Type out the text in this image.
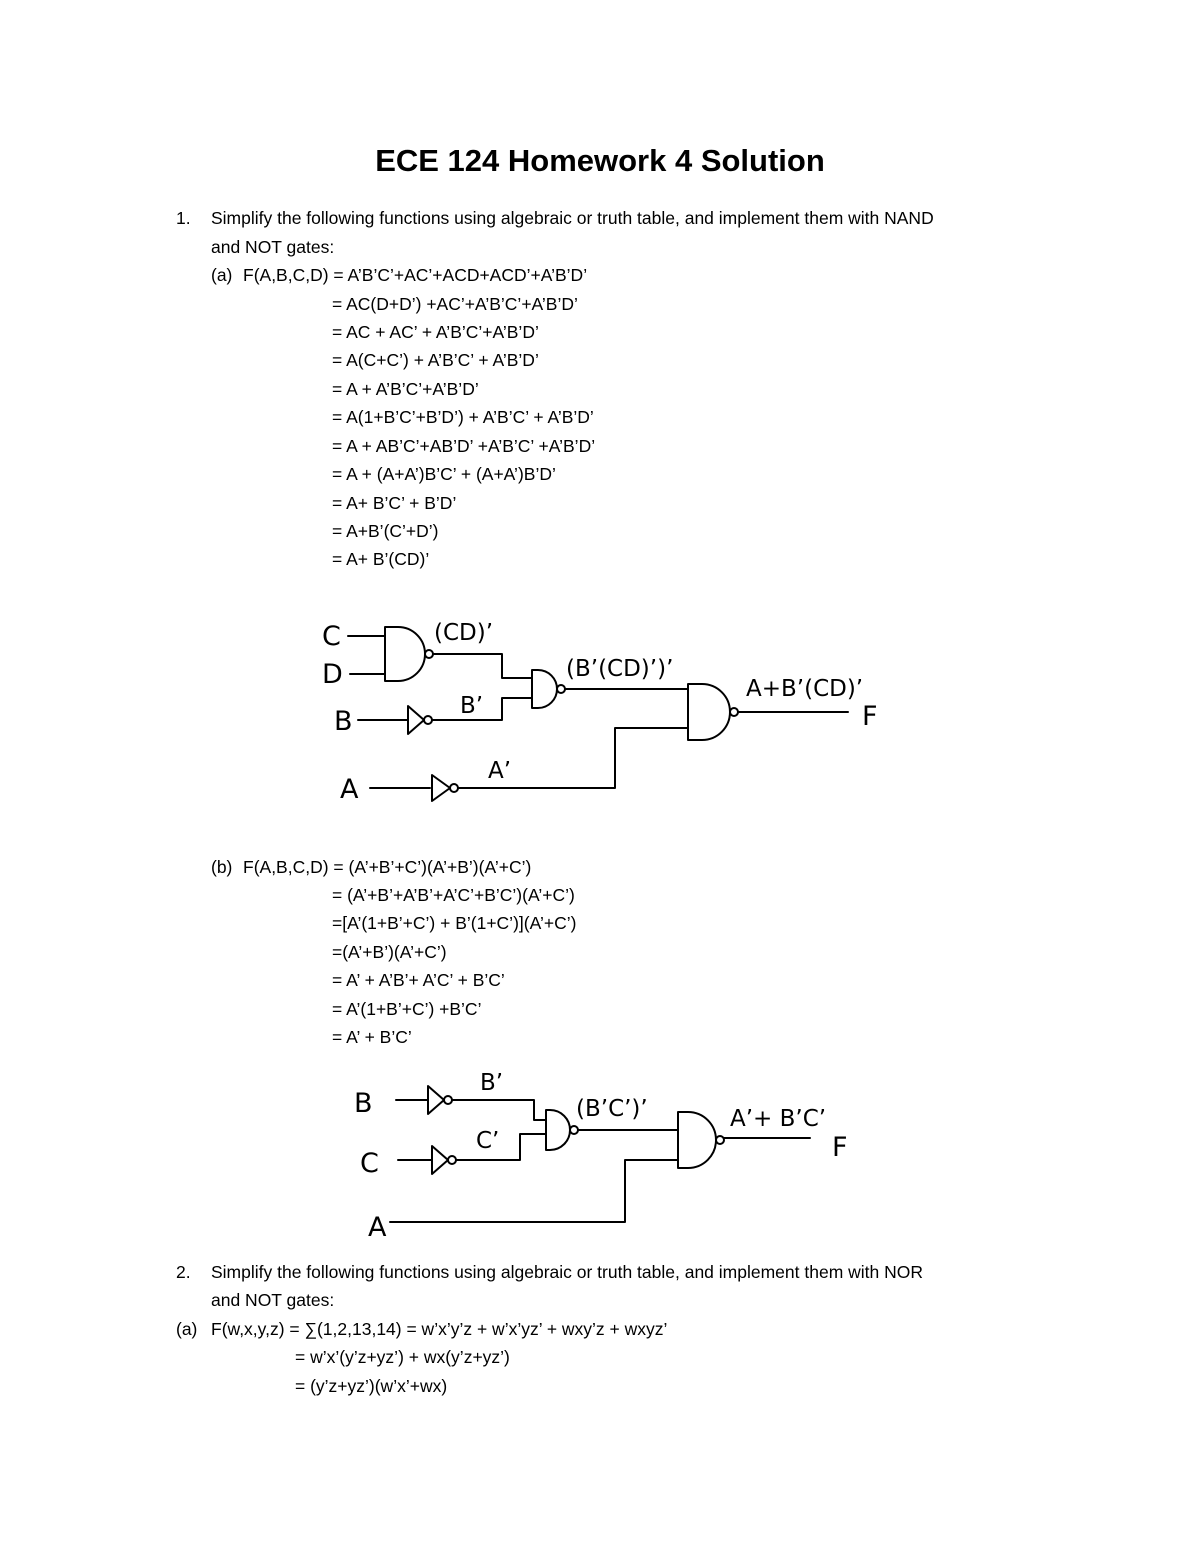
ECE 124 Homework 4 Solution
1. Simplify the following functions using algebraic or truth table, and implement them with NAND
and NOT gates:
(a) F(A,B,C,D) = A’B’C’+AC’+ACD+ACD’+A’B’D’
= AC(D+D’) +AC’+A’B’C’+A’B’D’
= AC + AC’ + A’B’C’+A’B’D’
= A(C+C’) + A’B’C’ + A’B’D’
= A + A’B’C’+A’B’D’
= A(1+B’C’+B’D’) + A’B’C’ + A’B’D’
= A + AB’C’+AB’D’ +A’B’C’ +A’B’D’
= A + (A+A’)B’C’ + (A+A’)B’D’
= A+ B’C’ + B’D’
= A+B’(C’+D’)
= A+ B’(CD)’
C
D
B
A
(CD)’
B’
A’
(B’(CD)’)’
A+B’(CD)’
F
(b) F(A,B,C,D) = (A’+B’+C’)(A’+B’)(A’+C’)
= (A’+B’+A’B’+A’C’+B’C’)(A’+C’)
=[A’(1+B’+C’) + B’(1+C’)](A’+C’)
=(A’+B’)(A’+C’)
= A’ + A’B’+ A’C’ + B’C’
= A’(1+B’+C’) +B’C’
= A’ + B’C’
B
C
A
B’
C’
(B’C’)’	A’+ B’C’
F
2. Simplify the following functions using algebraic or truth table, and implement them with NOR
and NOT gates:
(a) F(w,x,y,z) = ∑(1,2,13,14) = w’x’y’z + w’x’yz’ + wxy’z + wxyz’
= w’x’(y’z+yz’) + wx(y’z+yz’)
= (y’z+yz’)(w’x’+wx)
